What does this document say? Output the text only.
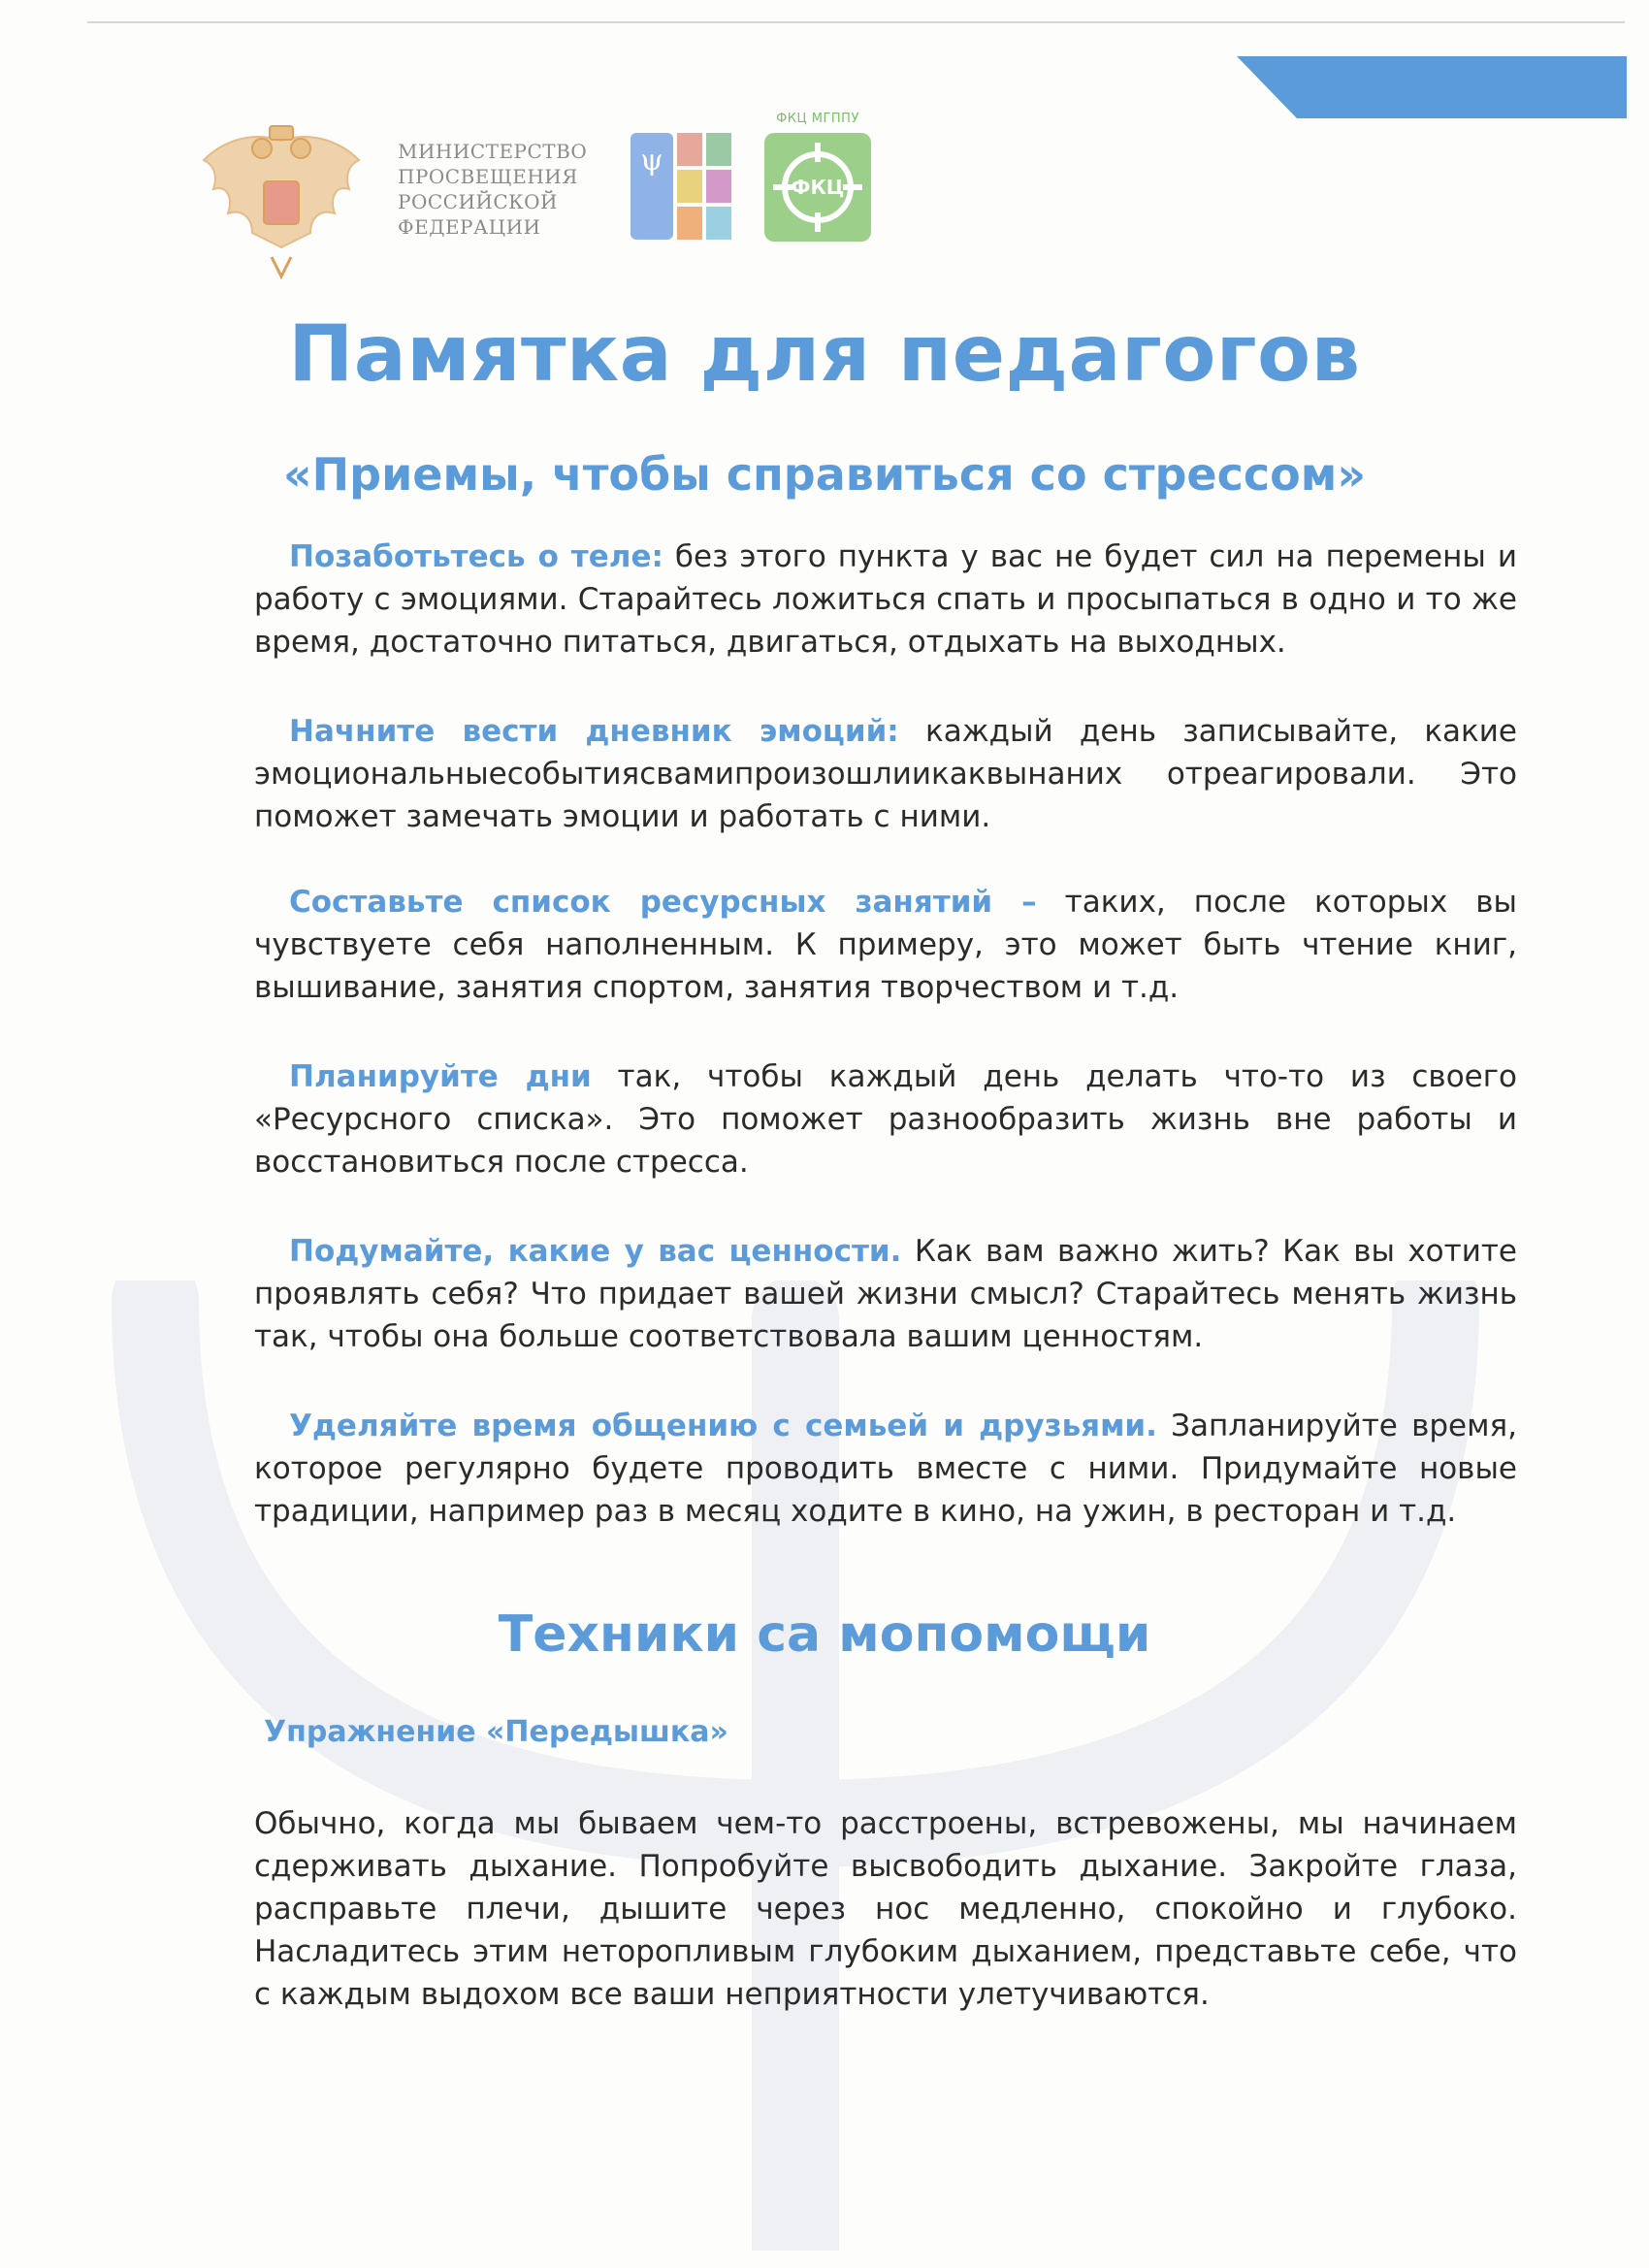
МИНИСТЕРСТВО
ПРОСВЕЩЕНИЯ
РОССИЙСКОЙ
ФЕДЕРАЦИИ
ψ
ФКЦ МГППУ
ФКЦ
Памятка для педагогов
«Приемы, чтобы справиться со стрессом»

Позаботьтесь о теле: без этого пункта у вас не будет сил на перемены и работу с эмоциями. Старайтесь ложиться спать и просыпаться в одно и то же время, достаточно питаться, двигаться, отдыхать на выходных.

Начните вести дневник эмоций: каждый день записывайте, какие эмоциональныесобытиясвамипроизошлиикаквынаних отреагировали. Это поможет замечать эмоции и работать с ними.

Составьте список ресурсных занятий – таких, после которых вы чувствуете себя наполненным. К примеру, это может быть чтение книг, вышивание, занятия спортом, занятия творчеством и т.д.

Планируйте дни так, чтобы каждый день делать что-то из своего «Ресурсного списка». Это поможет разнообразить жизнь вне работы и восстановиться после стресса.

Подумайте, какие у вас ценности. Как вам важно жить? Как вы хотите проявлять себя? Что придает вашей жизни смысл? Старайтесь менять жизнь так, чтобы она больше соответствовала вашим ценностям.

Уделяйте время общению с семьей и друзьями. Запланируйте время, которое регулярно будете проводить вместе с ними. Придумайте новые традиции, например раз в месяц ходите в кино, на ужин, в ресторан и т.д.

Техники са мопомощи
Упражнение «Передышка»

Обычно, когда мы бываем чем-то расстроены, встревожены, мы начинаем сдерживать дыхание. Попробуйте высвободить дыхание. Закройте глаза, расправьте плечи, дышите через нос медленно, спокойно и глубоко. Насладитесь этим неторопливым глубоким дыханием, представьте себе, что с каждым выдохом все ваши неприятности улетучиваются.
